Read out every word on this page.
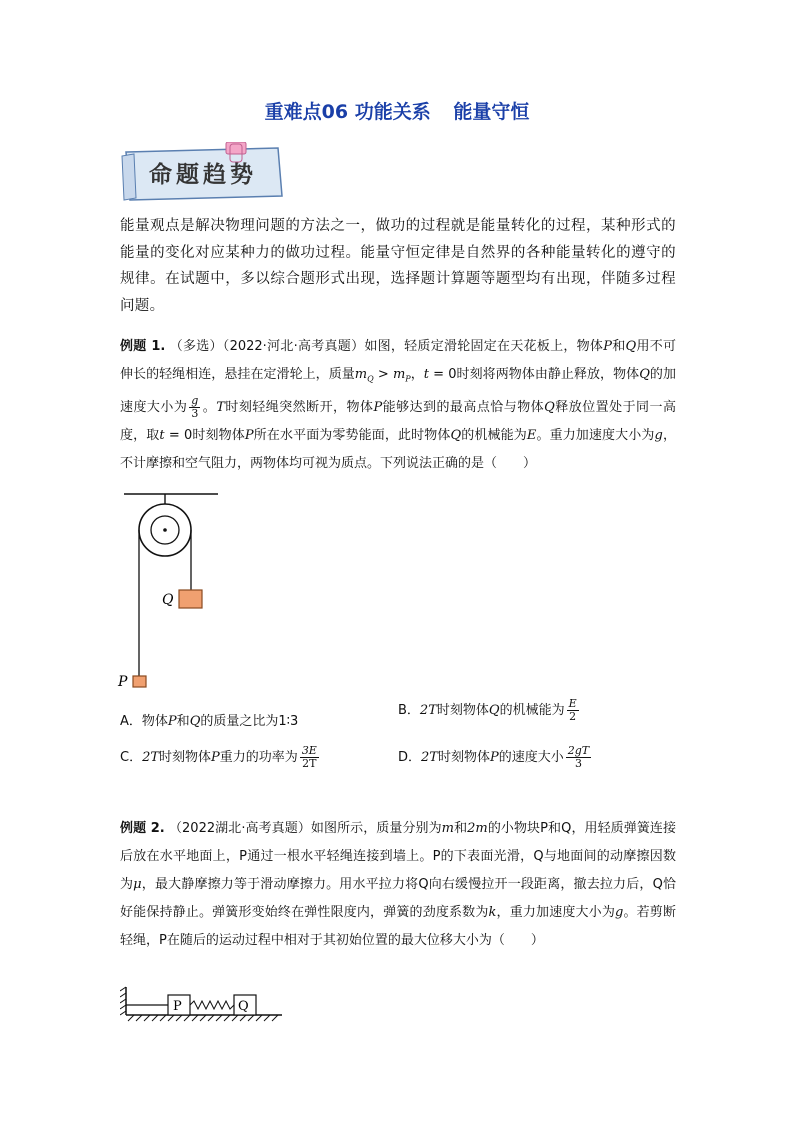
重难点06 功能关系 能量守恒
命题趋势
能量观点是解决物理问题的方法之一，做功的过程就是能量转化的过程，某种形式的能量的变化对应某种力的做功过程。能量守恒定律是自然界的各种能量转化的遵守的规律。在试题中，多以综合题形式出现，选择题计算题等题型均有出现，伴随多过程问题。
例题 1. （多选）（2022·河北·高考真题）如图，轻质定滑轮固定在天花板上，物体P和Q用不可伸长的轻绳相连，悬挂在定滑轮上，质量$m_Q > m_P$，t = 0时刻将两物体由静止释放，物体Q的加速度大小为 $\frac{g}{3}$ 。T时刻轻绳突然断开，物体P能够达到的最高点恰与物体Q释放位置处于同一高度，取t = 0时刻物体P所在水平面为零势能面，此时物体Q的机械能为E。重力加速度大小为g，不计摩擦和空气阻力，两物体均可视为质点。下列说法正确的是（　　）
Q
P
A．物体P和Q的质量之比为1∶3
B．2T时刻物体Q的机械能为 $\frac{E}{2}$
C．2T时刻物体P重力的功率为 $\frac{3E}{2T}$	D．2T时刻物体P的速度大小 $\frac{2gT}{3}$
例题 2. （2022湖北·高考真题）如图所示，质量分别为m和2m的小物块P和Q，用轻质弹簧连接后放在水平地面上，P通过一根水平轻绳连接到墙上。P的下表面光滑，Q与地面间的动摩擦因数为μ，最大静摩擦力等于滑动摩擦力。用水平拉力将Q向右缓慢拉开一段距离，撤去拉力后，Q恰好能保持静止。弹簧形变始终在弹性限度内，弹簧的劲度系数为k，重力加速度大小为g。若剪断轻绳，P在随后的运动过程中相对于其初始位置的最大位移大小为（　　）
P	Q
